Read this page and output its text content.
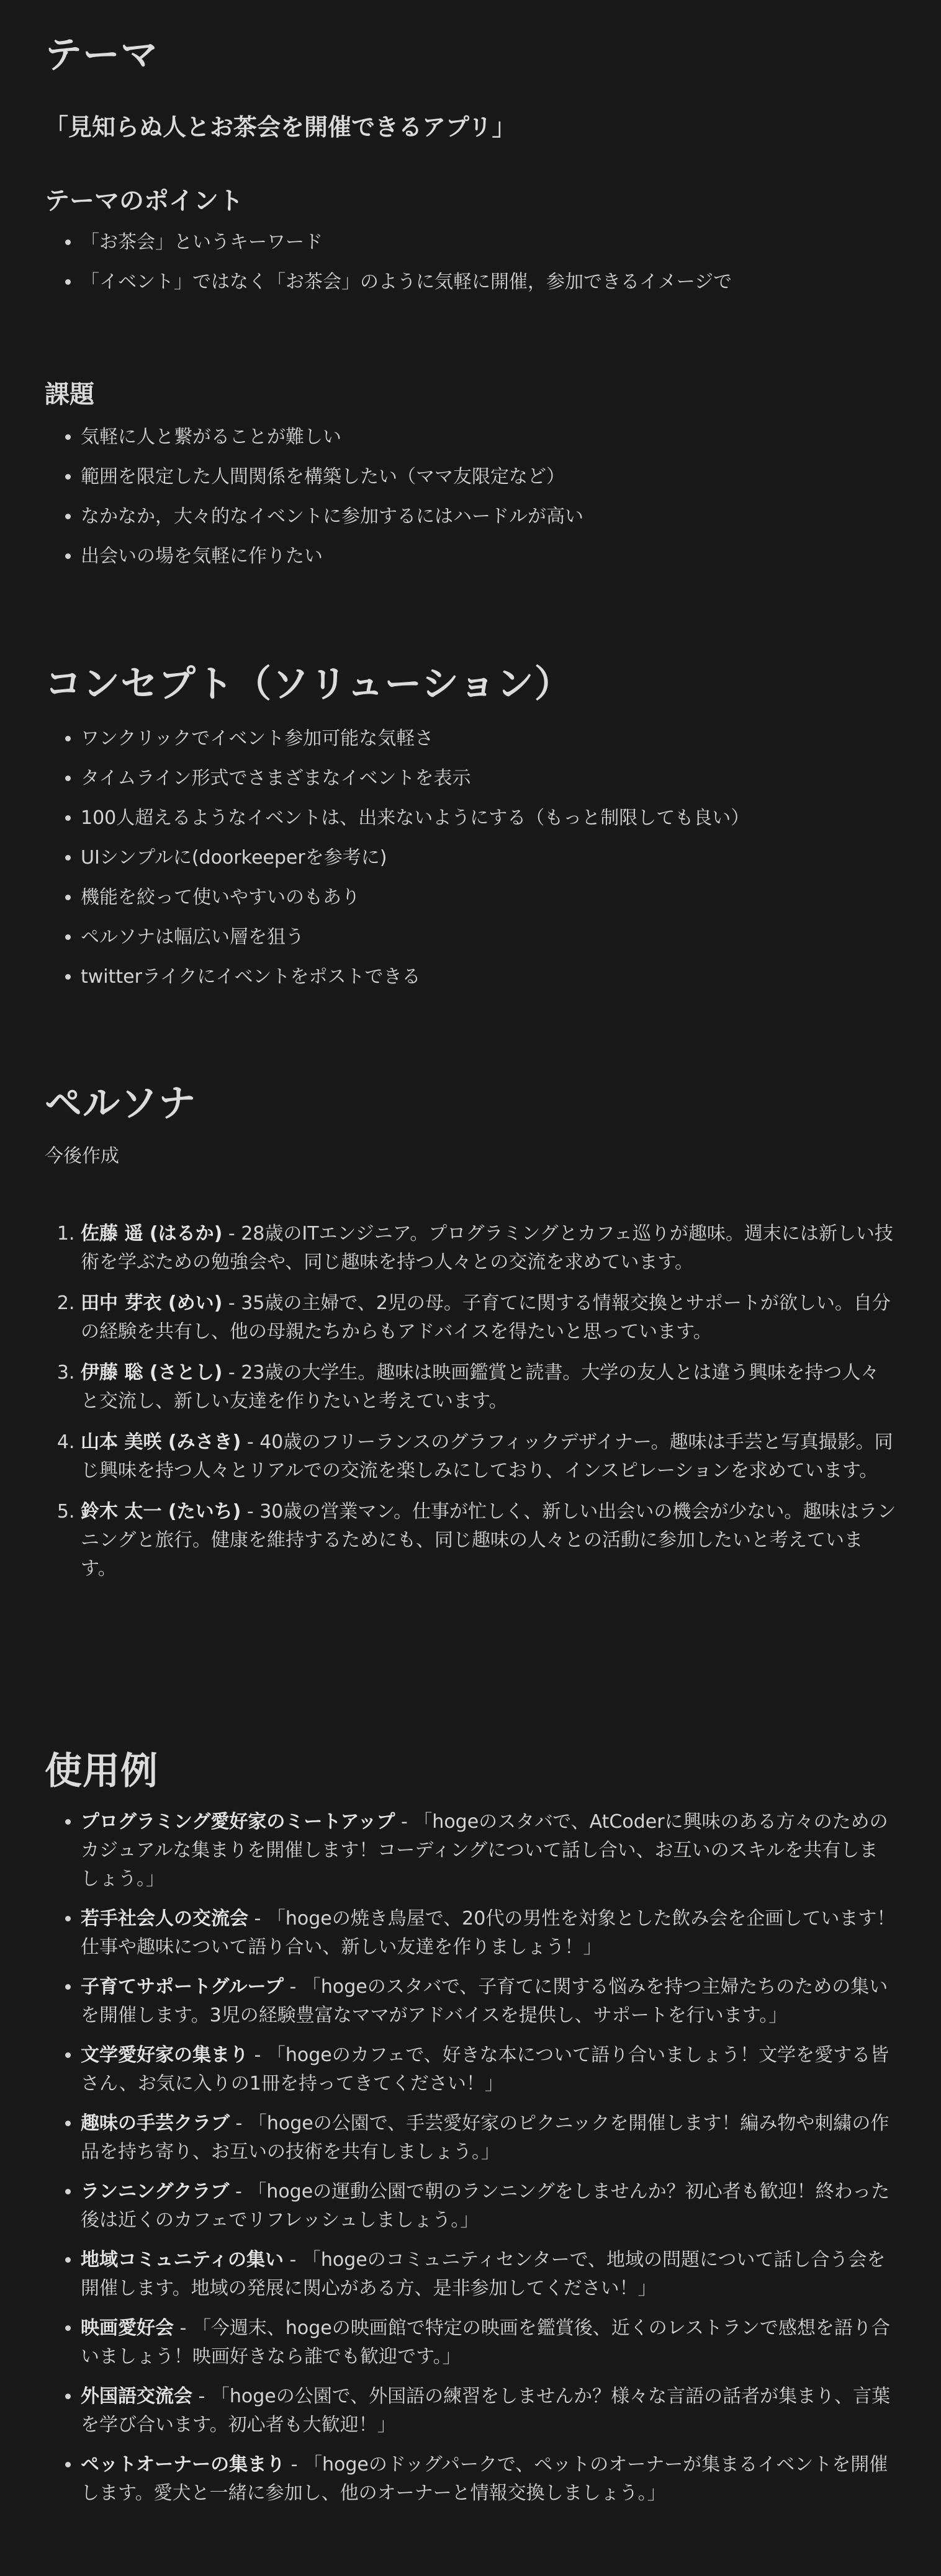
テーマ

「見知らぬ人とお茶会を開催できるアプリ」

テーマのポイント
• 「お茶会」というキーワード
• 「イベント」ではなく「お茶会」のように気軽に開催，参加できるイメージで
課題
• 気軽に人と繋がることが難しい
• 範囲を限定した人間関係を構築したい（ママ友限定など）
• なかなか，大々的なイベントに参加するにはハードルが高い
• 出会いの場を気軽に作りたい
コンセプト（ソリューション）
• ワンクリックでイベント参加可能な気軽さ
• タイムライン形式でさまざまなイベントを表示
• 100人超えるようなイベントは、出来ないようにする（もっと制限しても良い）
• UIシンプルに(doorkeeperを参考に)
• 機能を絞って使いやすいのもあり
• ペルソナは幅広い層を狙う
• twitterライクにイベントをポストできる
ペルソナ

今後作成

1. 佐藤 遥 (はるか) - 28歳のITエンジニア。プログラミングとカフェ巡りが趣味。週末には新しい技術を学ぶための勉強会や、同じ趣味を持つ人々との交流を求めています。
2. 田中 芽衣 (めい) - 35歳の主婦で、2児の母。子育てに関する情報交換とサポートが欲しい。自分の経験を共有し、他の母親たちからもアドバイスを得たいと思っています。
3. 伊藤 聡 (さとし) - 23歳の大学生。趣味は映画鑑賞と読書。大学の友人とは違う興味を持つ人々と交流し、新しい友達を作りたいと考えています。
4. 山本 美咲 (みさき) - 40歳のフリーランスのグラフィックデザイナー。趣味は手芸と写真撮影。同じ興味を持つ人々とリアルでの交流を楽しみにしており、インスピレーションを求めています。
5. 鈴木 太一 (たいち) - 30歳の営業マン。仕事が忙しく、新しい出会いの機会が少ない。趣味はランニングと旅行。健康を維持するためにも、同じ趣味の人々との活動に参加したいと考えています。
使用例
• プログラミング愛好家のミートアップ - 「hogeのスタバで、AtCoderに興味のある方々のためのカジュアルな集まりを開催します！コーディングについて話し合い、お互いのスキルを共有しましょう。」
• 若手社会人の交流会 - 「hogeの焼き鳥屋で、20代の男性を対象とした飲み会を企画しています！仕事や趣味について語り合い、新しい友達を作りましょう！」
• 子育てサポートグループ - 「hogeのスタバで、子育てに関する悩みを持つ主婦たちのための集いを開催します。3児の経験豊富なママがアドバイスを提供し、サポートを行います。」
• 文学愛好家の集まり - 「hogeのカフェで、好きな本について語り合いましょう！文学を愛する皆さん、お気に入りの1冊を持ってきてください！」
• 趣味の手芸クラブ - 「hogeの公園で、手芸愛好家のピクニックを開催します！編み物や刺繍の作品を持ち寄り、お互いの技術を共有しましょう。」
• ランニングクラブ - 「hogeの運動公園で朝のランニングをしませんか？初心者も歓迎！終わった後は近くのカフェでリフレッシュしましょう。」
• 地域コミュニティの集い - 「hogeのコミュニティセンターで、地域の問題について話し合う会を開催します。地域の発展に関心がある方、是非参加してください！」
• 映画愛好会 - 「今週末、hogeの映画館で特定の映画を鑑賞後、近くのレストランで感想を語り合いましょう！映画好きなら誰でも歓迎です。」
• 外国語交流会 - 「hogeの公園で、外国語の練習をしませんか？様々な言語の話者が集まり、言葉を学び合います。初心者も大歓迎！」
• ペットオーナーの集まり - 「hogeのドッグパークで、ペットのオーナーが集まるイベントを開催します。愛犬と一緒に参加し、他のオーナーと情報交換しましょう。」
